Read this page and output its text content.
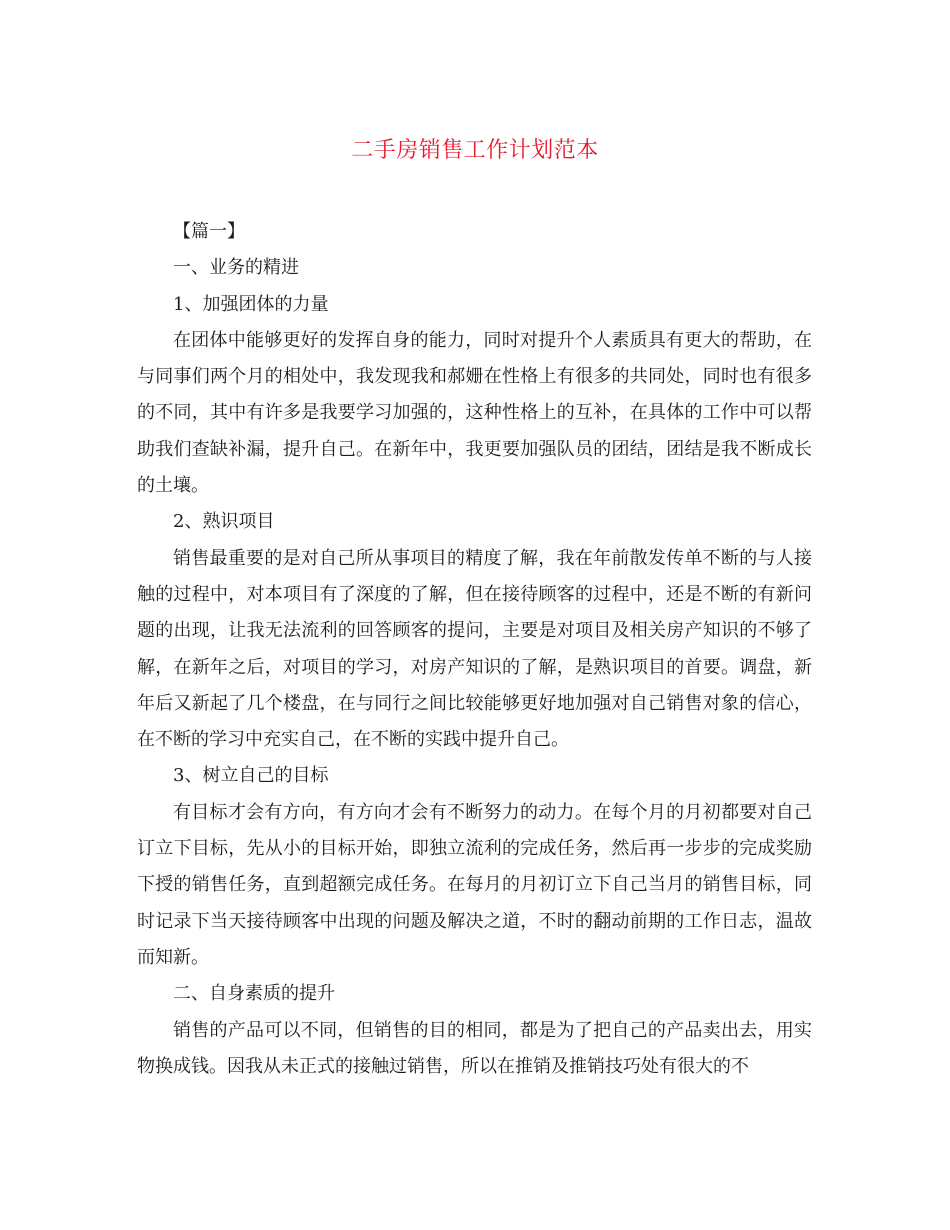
二手房销售工作计划范本

【篇一】

一、业务的精进

1、加强团体的力量

在团体中能够更好的发挥自身的能力，同时对提升个人素质具有更大的帮助，在与同事们两个月的相处中，我发现我和郝姗在性格上有很多的共同处，同时也有很多的不同，其中有许多是我要学习加强的，这种性格上的互补，在具体的工作中可以帮助我们查缺补漏，提升自己。在新年中，我更要加强队员的团结，团结是我不断成长的土壤。

2、熟识项目

销售最重要的是对自己所从事项目的精度了解，我在年前散发传单不断的与人接触的过程中，对本项目有了深度的了解，但在接待顾客的过程中，还是不断的有新问题的出现，让我无法流利的回答顾客的提问，主要是对项目及相关房产知识的不够了解，在新年之后，对项目的学习，对房产知识的了解，是熟识项目的首要。调盘，新年后又新起了几个楼盘，在与同行之间比较能够更好地加强对自己销售对象的信心，在不断的学习中充实自己，在不断的实践中提升自己。

3、树立自己的目标

有目标才会有方向，有方向才会有不断努力的动力。在每个月的月初都要对自己订立下目标，先从小的目标开始，即独立流利的完成任务，然后再一步步的完成奖励下授的销售任务，直到超额完成任务。在每月的月初订立下自己当月的销售目标，同时记录下当天接待顾客中出现的问题及解决之道，不时的翻动前期的工作日志，温故而知新。

二、自身素质的提升

销售的产品可以不同，但销售的目的相同，都是为了把自己的产品卖出去，用实物换成钱。因我从未正式的接触过销售，所以在推销及推销技巧处有很大的不
